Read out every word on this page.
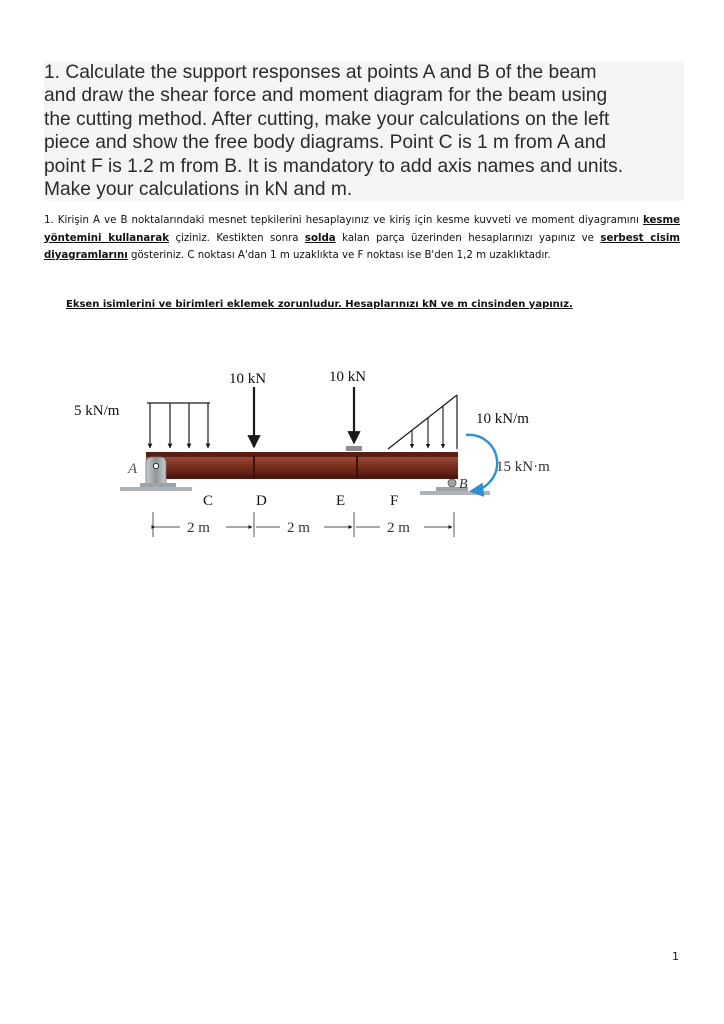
1. Calculate the support responses at points A and B of the beam
and draw the shear force and moment diagram for the beam using
the cutting method. After cutting, make your calculations on the left
piece and show the free body diagrams. Point C is 1 m from A and
point F is 1.2 m from B. It is mandatory to add axis names and units.
Make your calculations in kN and m.
1. Kirişin A ve B noktalarındaki mesnet tepkilerini hesaplayınız ve kiriş için kesme kuvveti ve moment diyagramını kesme yöntemini kullanarak çiziniz. Kestikten sonra solda kalan parça üzerinden hesaplarınızı yapınız ve serbest cisim diyagramlarını gösteriniz. C noktası A'dan 1 m uzaklıkta ve F noktası ise B'den 1,2 m uzaklıktadır.
Eksen isimlerini ve birimleri eklemek zorunludur. Hesaplarınızı kN ve m cinsinden yapınız.
5 kN/m
10 kN	10 kN
10 kN/m
A
B
15 kN·m
C	D	E	F
2 m	2 m	2 m
1
